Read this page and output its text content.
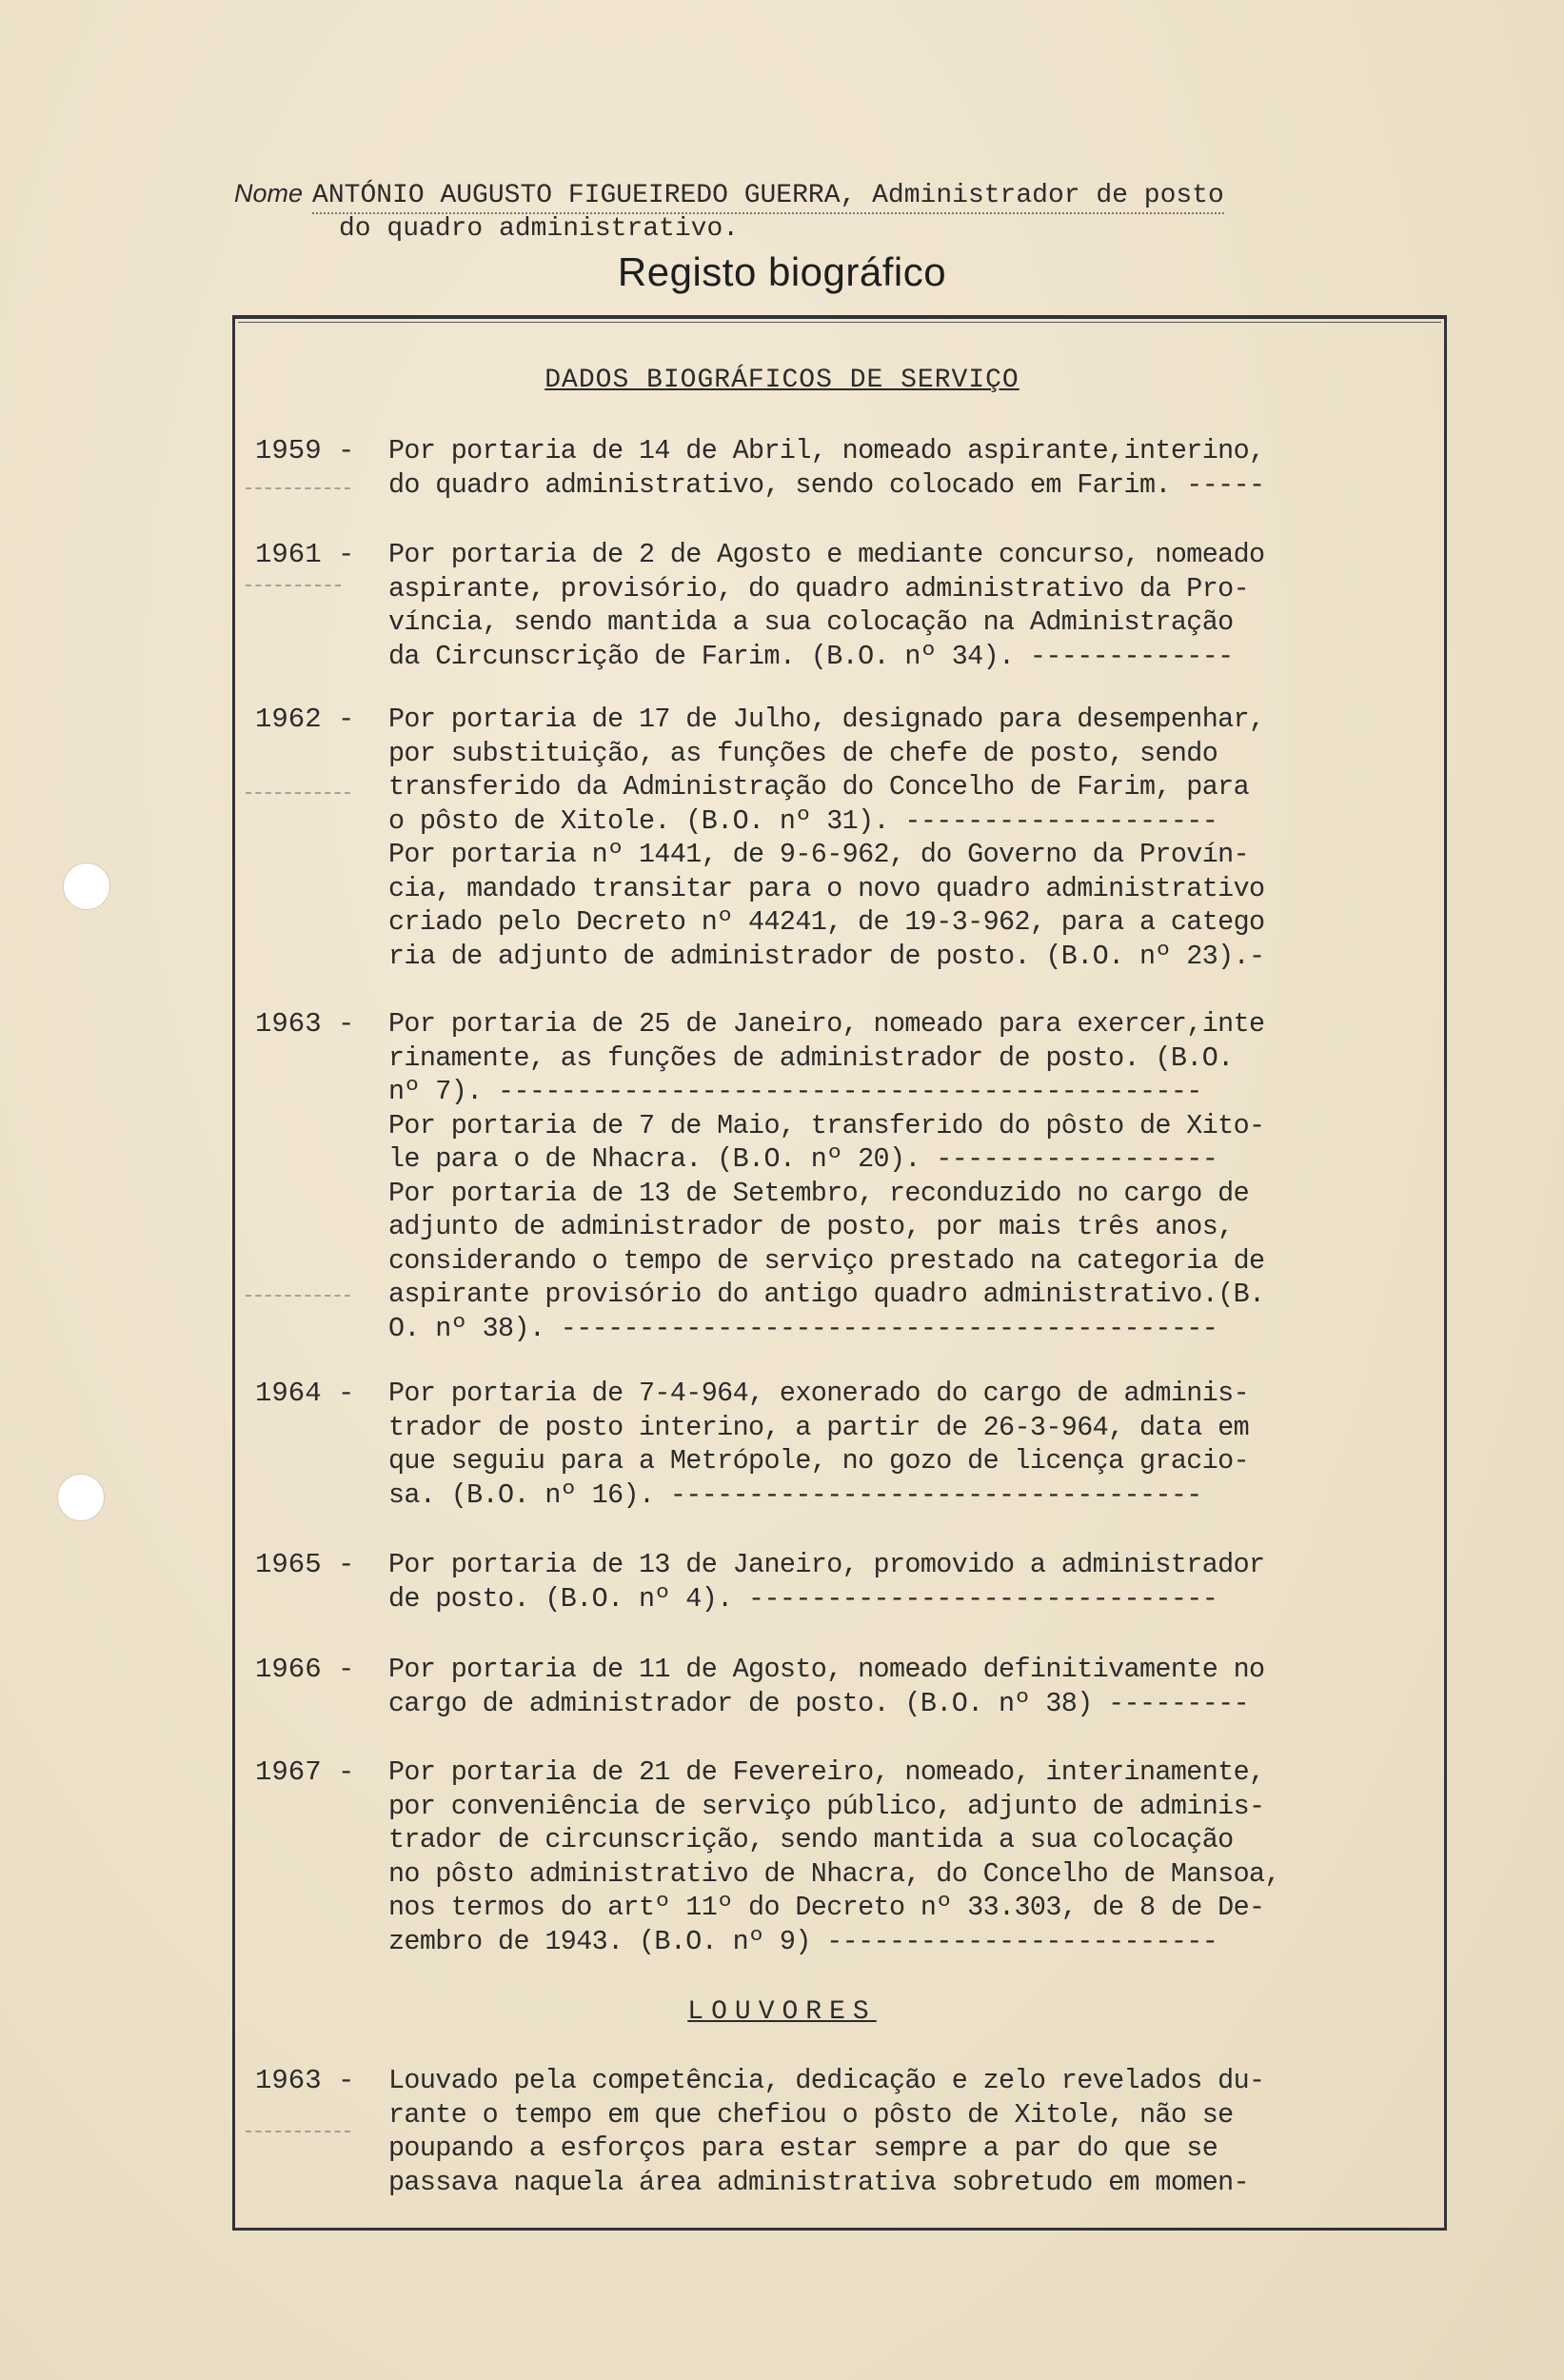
Nome ANTÓNIO AUGUSTO FIGUEIREDO GUERRA, Administrador de posto
do quadro administrativo.
Registo biográfico
DADOS BIOGRÁFICOS DE SERVIÇO
1959 -	Por portaria de 14 de Abril, nomeado aspirante,interino,
do quadro administrativo, sendo colocado em Farim. -----
1961 -	Por portaria de 2 de Agosto e mediante concurso, nomeado
aspirante, provisório, do quadro administrativo da Pro-
víncia, sendo mantida a sua colocação na Administração
da Circunscrição de Farim. (B.O. nº 34). -------------
1962 -	Por portaria de 17 de Julho, designado para desempenhar,
por substituição, as funções de chefe de posto, sendo
transferido da Administração do Concelho de Farim, para
o pôsto de Xitole. (B.O. nº 31). --------------------
Por portaria nº 1441, de 9-6-962, do Governo da Provín-
cia, mandado transitar para o novo quadro administrativo
criado pelo Decreto nº 44241, de 19-3-962, para a catego
ria de adjunto de administrador de posto. (B.O. nº 23).-
1963 -	Por portaria de 25 de Janeiro, nomeado para exercer,inte
rinamente, as funções de administrador de posto. (B.O.
nº 7). ---------------------------------------------
Por portaria de 7 de Maio, transferido do pôsto de Xito-
le para o de Nhacra. (B.O. nº 20). ------------------
Por portaria de 13 de Setembro, reconduzido no cargo de
adjunto de administrador de posto, por mais três anos,
considerando o tempo de serviço prestado na categoria de
aspirante provisório do antigo quadro administrativo.(B.
O. nº 38). ------------------------------------------
1964 -	Por portaria de 7-4-964, exonerado do cargo de adminis-
trador de posto interino, a partir de 26-3-964, data em
que seguiu para a Metrópole, no gozo de licença gracio-
sa. (B.O. nº 16). ----------------------------------
1965 -	Por portaria de 13 de Janeiro, promovido a administrador
de posto. (B.O. nº 4). ------------------------------
1966 -	Por portaria de 11 de Agosto, nomeado definitivamente no
cargo de administrador de posto. (B.O. nº 38) ---------
1967 -	Por portaria de 21 de Fevereiro, nomeado, interinamente,
por conveniência de serviço público, adjunto de adminis-
trador de circunscrição, sendo mantida a sua colocação
no pôsto administrativo de Nhacra, do Concelho de Mansoa,
nos termos do artº 11º do Decreto nº 33.303, de 8 de De-
zembro de 1943. (B.O. nº 9) -------------------------
LOUVORES
1963 -	Louvado pela competência, dedicação e zelo revelados du-
rante o tempo em que chefiou o pôsto de Xitole, não se
poupando a esforços para estar sempre a par do que se
passava naquela área administrativa sobretudo em momen-
